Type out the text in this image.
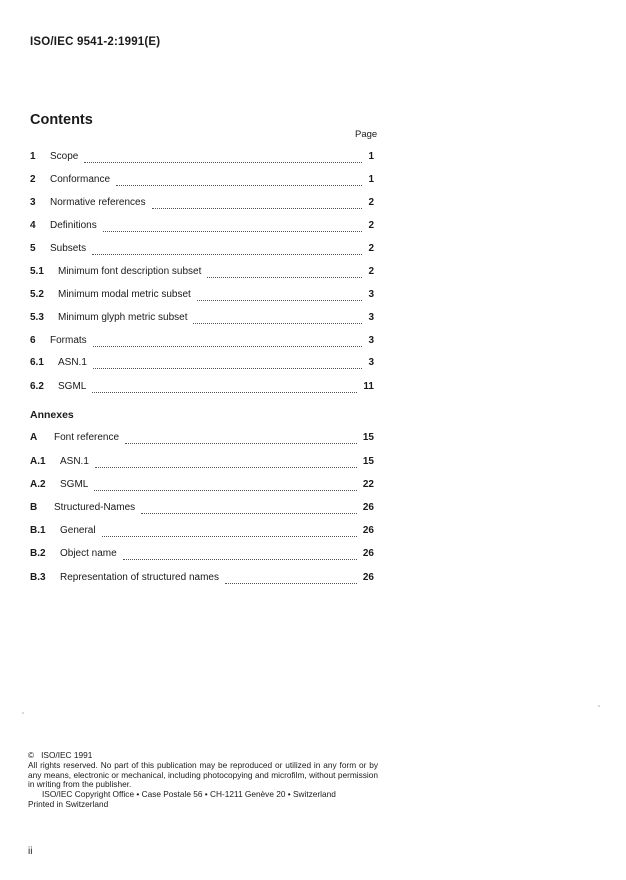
ISO/IEC 9541-2:1991(E)
Contents
Page
1	Scope	1
2	Conformance	1
3	Normative references	2
4	Definitions	2
5	Subsets	2
5.1	Minimum font description subset	2
5.2	Minimum modal metric subset	3
5.3	Minimum glyph metric subset	3
6	Formats	3
6.1	ASN.1	3
6.2	SGML	11
Annexes
A	Font reference	15
A.1	ASN.1	15
A.2	SGML	22
B	Structured-Names	26
B.1	General	26
B.2	Object name	26
B.3	Representation of structured names	26

© ISO/IEC 1991

All rights reserved. No part of this publication may be reproduced or utilized in any form or by any means, electronic or mechanical, including photocopying and microfilm, without permission in writing from the publisher.

ISO/IEC Copyright Office • Case Postale 56 • CH-1211 Genève 20 • Switzerland

Printed in Switzerland

ii
